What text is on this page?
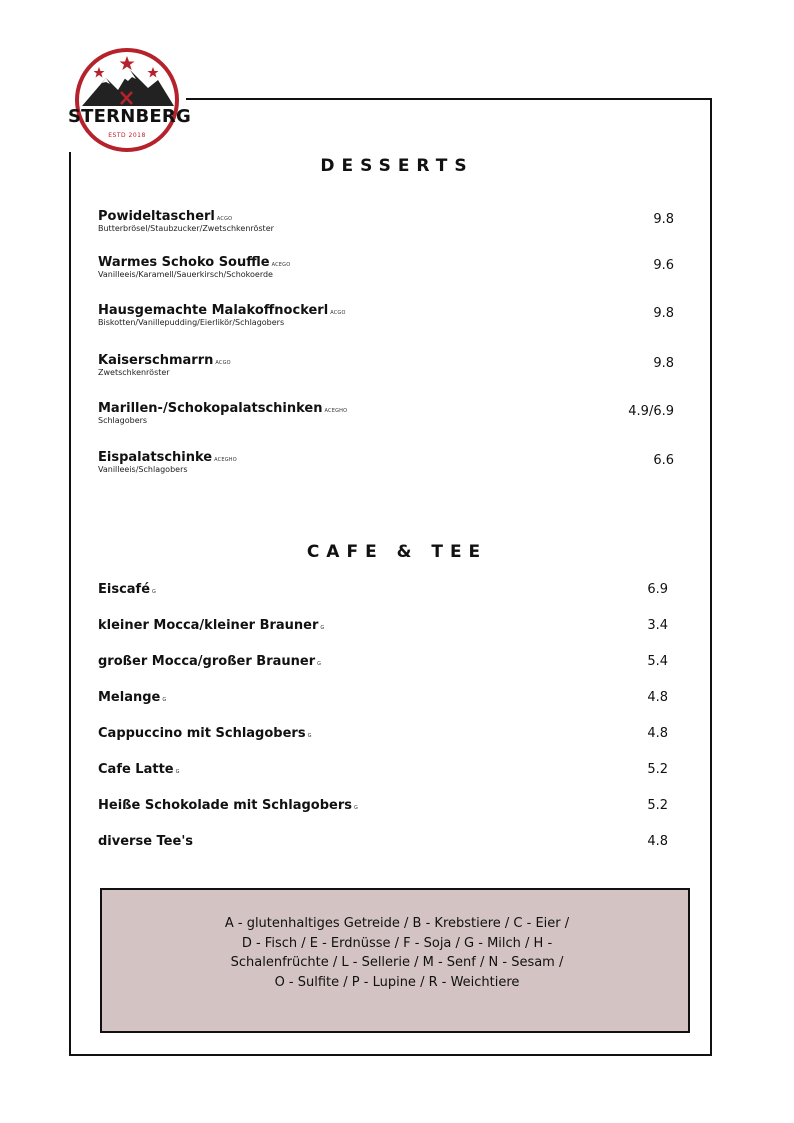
STERNBERG
ESTD 2018
DESSERTS
Powideltascherl ACGO
Butterbrösel/Staubzucker/Zwetschkenröster
9.8
Warmes Schoko Souffle ACEGO
Vanilleeis/Karamell/Sauerkirsch/Schokoerde
9.6
Hausgemachte Malakoffnockerl ACGO
Biskotten/Vanillepudding/Eierlikör/Schlagobers
9.8
Kaiserschmarrn ACGO
Zwetschkenröster
9.8
Marillen-/Schokopalatschinken ACEGHO
Schlagobers
4.9/6.9
Eispalatschinke ACEGHO
Vanilleeis/Schlagobers
6.6
CAFE & TEE
Eiscafé G	6.9
kleiner Mocca/kleiner Brauner G	3.4
großer Mocca/großer Brauner G	5.4
Melange G	4.8
Cappuccino mit Schlagobers G	4.8
Cafe Latte G	5.2
Heiße Schokolade mit Schlagobers G	5.2
diverse Tee's	4.8
A - glutenhaltiges Getreide / B - Krebstiere / C - Eier /
D - Fisch / E - Erdnüsse / F - Soja / G - Milch / H -
Schalenfrüchte / L - Sellerie / M - Senf / N - Sesam /
O - Sulfite / P - Lupine / R - Weichtiere
